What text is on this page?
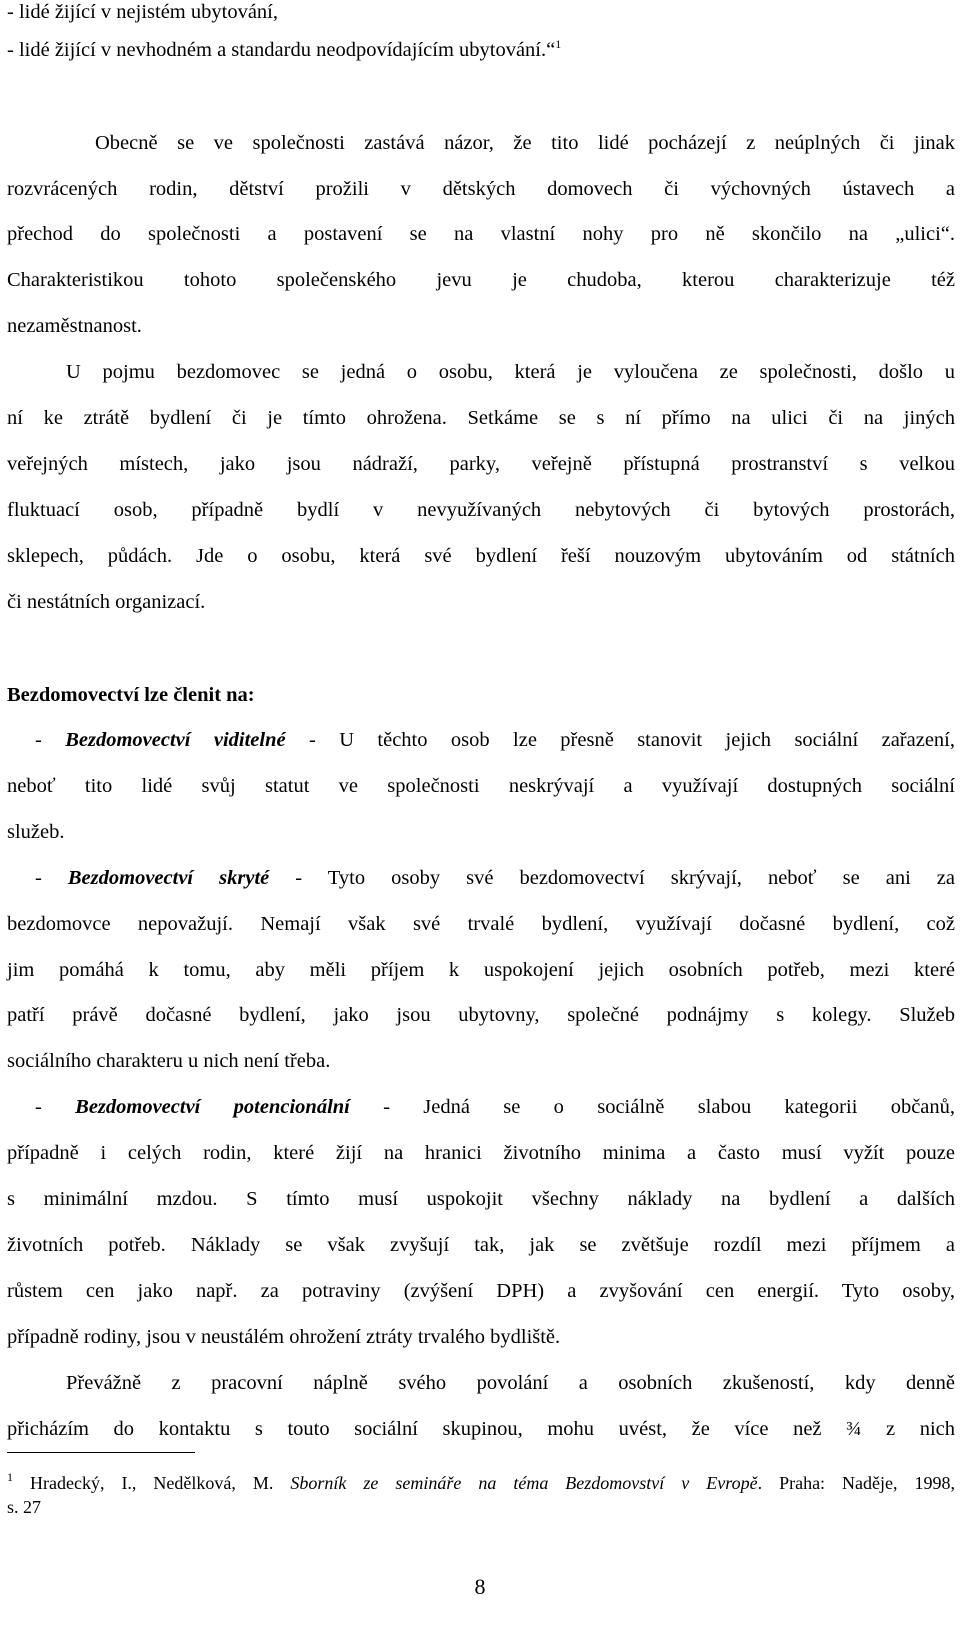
- lidé žijící v nejistém ubytování,

- lidé žijící v nevhodném a standardu neodpovídajícím ubytování.“$^1$

Obecně se ve společnosti zastává názor, že tito lidé pocházejí z neúplných či jinak

rozvrácených rodin, dětství prožili v dětských domovech či výchovných ústavech a

přechod do společnosti a postavení se na vlastní nohy pro ně skončilo na „ulici“.

Charakteristikou tohoto společenského jevu je chudoba, kterou charakterizuje též

nezaměstnanost.

U pojmu bezdomovec se jedná o osobu, která je vyloučena ze společnosti, došlo u

ní ke ztrátě bydlení či je tímto ohrožena. Setkáme se s ní přímo na ulici či na jiných

veřejných místech, jako jsou nádraží, parky, veřejně přístupná prostranství s velkou

fluktuací osob, případně bydlí v nevyužívaných nebytových či bytových prostorách,

sklepech, půdách. Jde o osobu, která své bydlení řeší nouzovým ubytováním od státních

či nestátních organizací.

Bezdomovectví lze členit na:

- Bezdomovectví viditelné - U těchto osob lze přesně stanovit jejich sociální zařazení,

neboť tito lidé svůj statut ve společnosti neskrývají a využívají dostupných sociální

služeb.

- Bezdomovectví skryté - Tyto osoby své bezdomovectví skrývají, neboť se ani za

bezdomovce nepovažují. Nemají však své trvalé bydlení, využívají dočasné bydlení, což

jim pomáhá k tomu, aby měli příjem k uspokojení jejich osobních potřeb, mezi které

patří právě dočasné bydlení, jako jsou ubytovny, společné podnájmy s kolegy. Služeb

sociálního charakteru u nich není třeba.

- Bezdomovectví potencionální - Jedná se o sociálně slabou kategorii občanů,

případně i celých rodin, které žijí na hranici životního minima a často musí vyžít pouze

s minimální mzdou. S tímto musí uspokojit všechny náklady na bydlení a dalších

životních potřeb. Náklady se však zvyšují tak, jak se zvětšuje rozdíl mezi příjmem a

růstem cen jako např. za potraviny (zvýšení DPH) a zvyšování cen energií. Tyto osoby,

případně rodiny, jsou v neustálém ohrožení ztráty trvalého bydliště.

Převážně z pracovní náplně svého povolání a osobních zkušeností, kdy denně

přicházím do kontaktu s touto sociální skupinou, mohu uvést, že více než ¾ z nich

$^1$ Hradecký, I., Nedělková, M. Sborník ze semináře na téma Bezdomovství v Evropě. Praha: Naděje, 1998,
s. 27
8
